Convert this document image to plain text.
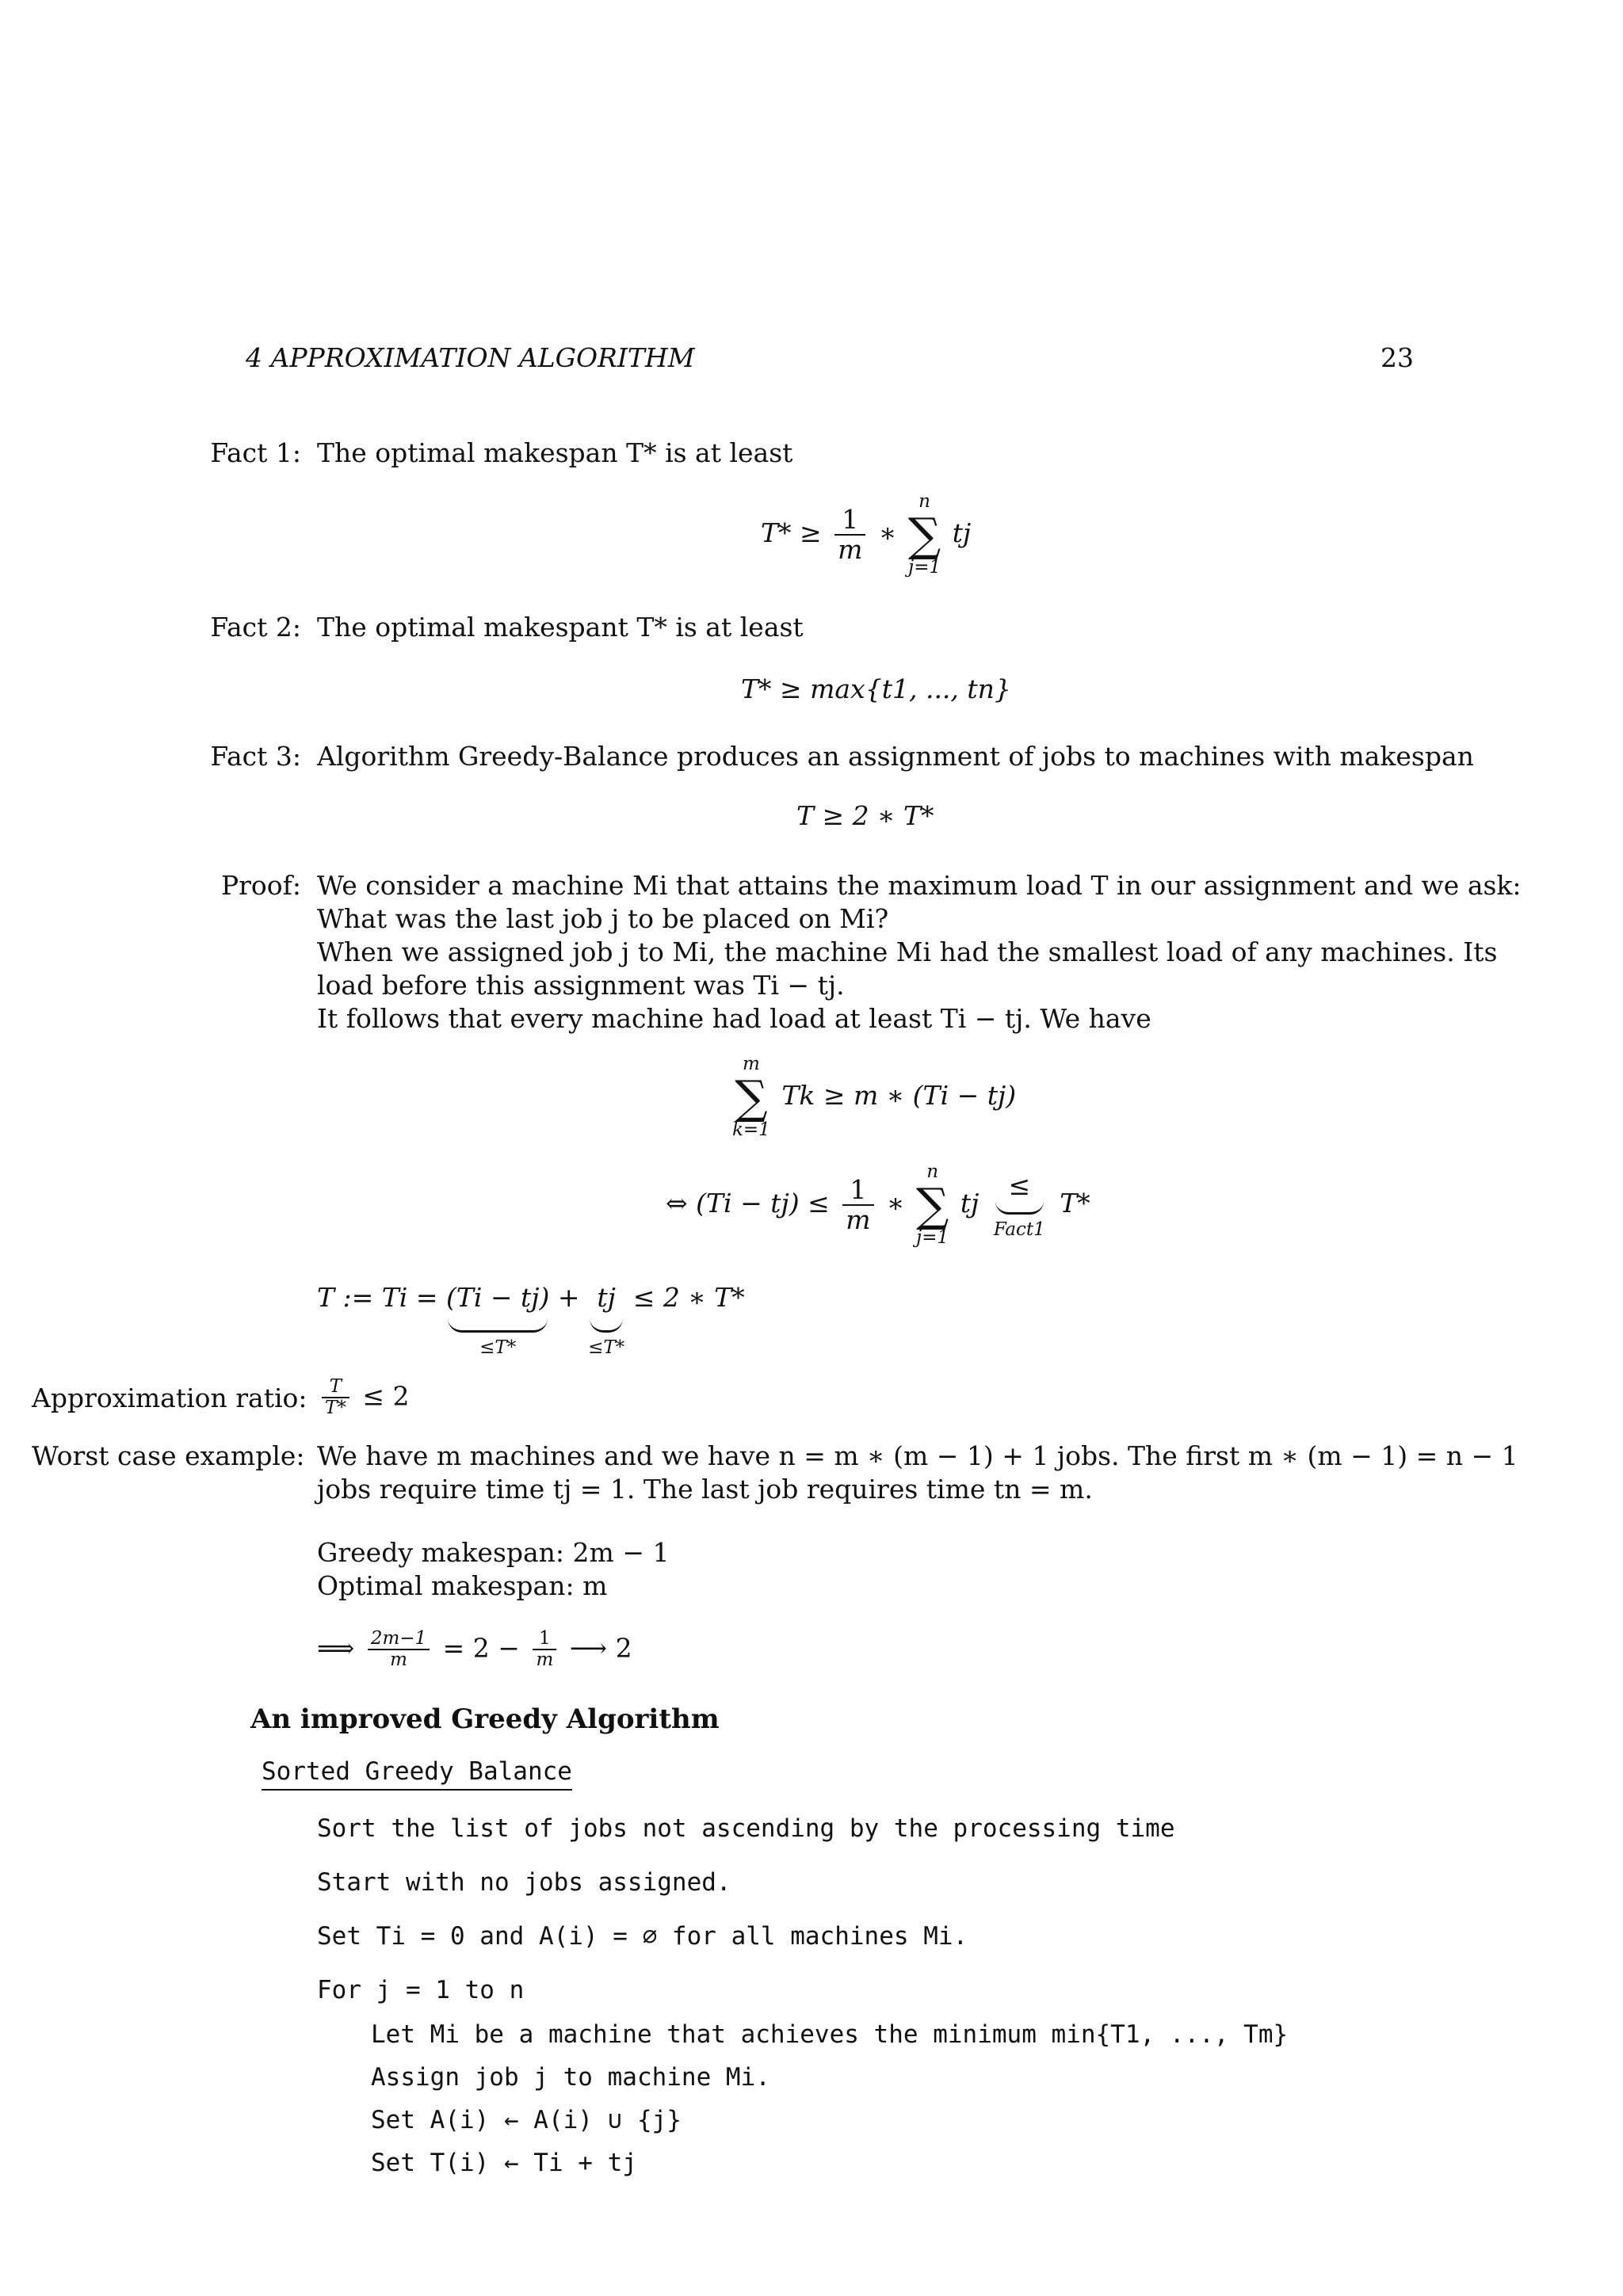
4 APPROXIMATION ALGORITHM	23
Fact 1: The optimal makespan T* is at least
$T* \ge \frac{1}{m}$ ∗
n
∑
j=1
tj
Fact 2: The optimal makespant T* is at least
T* ≥ max{t1, ..., tn}
Fact 3: Algorithm Greedy-Balance produces an assignment of jobs to machines with makespan
T ≥ 2 ∗ T*
Proof: We consider a machine Mi that attains the maximum load T in our assignment and we ask:
What was the last job j to be placed on Mi?
When we assigned job j to Mi, the machine Mi had the smallest load of any machines. Its
load before this assignment was Ti − tj.
It follows that every machine had load at least Ti − tj. We have
m
∑
k=1
Tk ≥ m ∗ (Ti − tj)
⇔ $(Ti - tj) \le \frac{1}{m}$ ∗
n
∑
j=1
tj
≤
Fact1
T*
T := Ti = (Ti − tj)
≤T*
+ tj
≤T*
≤ 2 ∗ T*
Approximation ratio: $\frac{T}{T*} \le 2$
Worst case example: We have m machines and we have n = m ∗ (m − 1) + 1 jobs. The first m ∗ (m − 1) = n − 1
jobs require time tj = 1. The last job requires time tn = m.
Greedy makespan: 2m − 1
Optimal makespan: m
⟹ $\frac{2m-1}{m} = 2 - \frac{1}{m}$ ⟶ 2
An improved Greedy Algorithm
Sorted Greedy Balance
Sort the list of jobs not ascending by the processing time
Start with no jobs assigned.
Set Ti = 0 and A(i) = ∅ for all machines Mi.
For j = 1 to n
Let Mi be a machine that achieves the minimum min{T1, ..., Tm}
Assign job j to machine Mi.
Set A(i) ← A(i) ∪ {j}
Set T(i) ← Ti + tj
